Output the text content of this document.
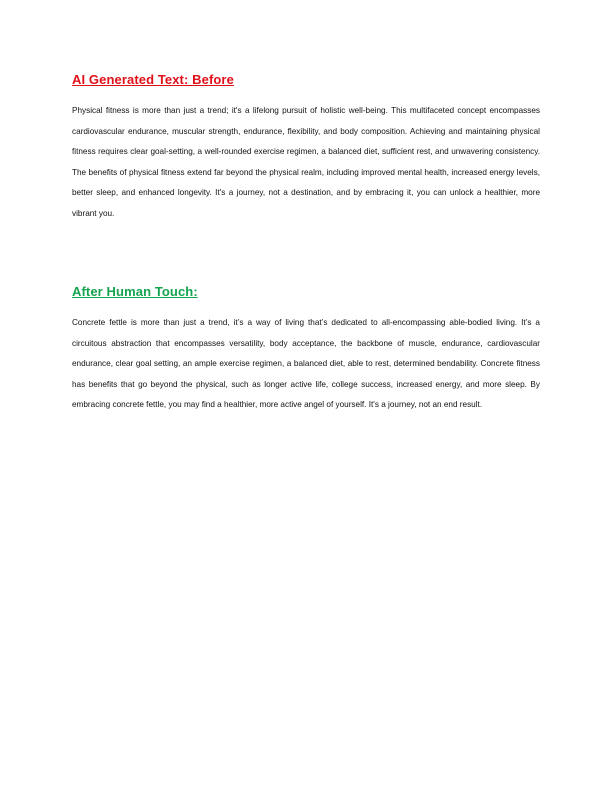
AI Generated Text: Before

Physical fitness is more than just a trend; it's a lifelong pursuit of holistic well-being. This multifaceted concept encompasses cardiovascular endurance, muscular strength, endurance, flexibility, and body composition. Achieving and maintaining physical fitness requires clear goal-setting, a well-rounded exercise regimen, a balanced diet, sufficient rest, and unwavering consistency. The benefits of physical fitness extend far beyond the physical realm, including improved mental health, increased energy levels, better sleep, and enhanced longevity. It's a journey, not a destination, and by embracing it, you can unlock a healthier, more vibrant you.

After Human Touch:

Concrete fettle is more than just a trend, it’s a way of living that’s dedicated to all-encompassing able-bodied living. It’s a circuitous abstraction that encompasses versatility, body acceptance, the backbone of muscle, endurance, cardiovascular endurance, clear goal setting, an ample exercise regimen, a balanced diet, able to rest, determined bendability. Concrete fitness has benefits that go beyond the physical, such as longer active life, college success, increased energy, and more sleep. By embracing concrete fettle, you may find a healthier, more active angel of yourself. It's a journey, not an end result.
